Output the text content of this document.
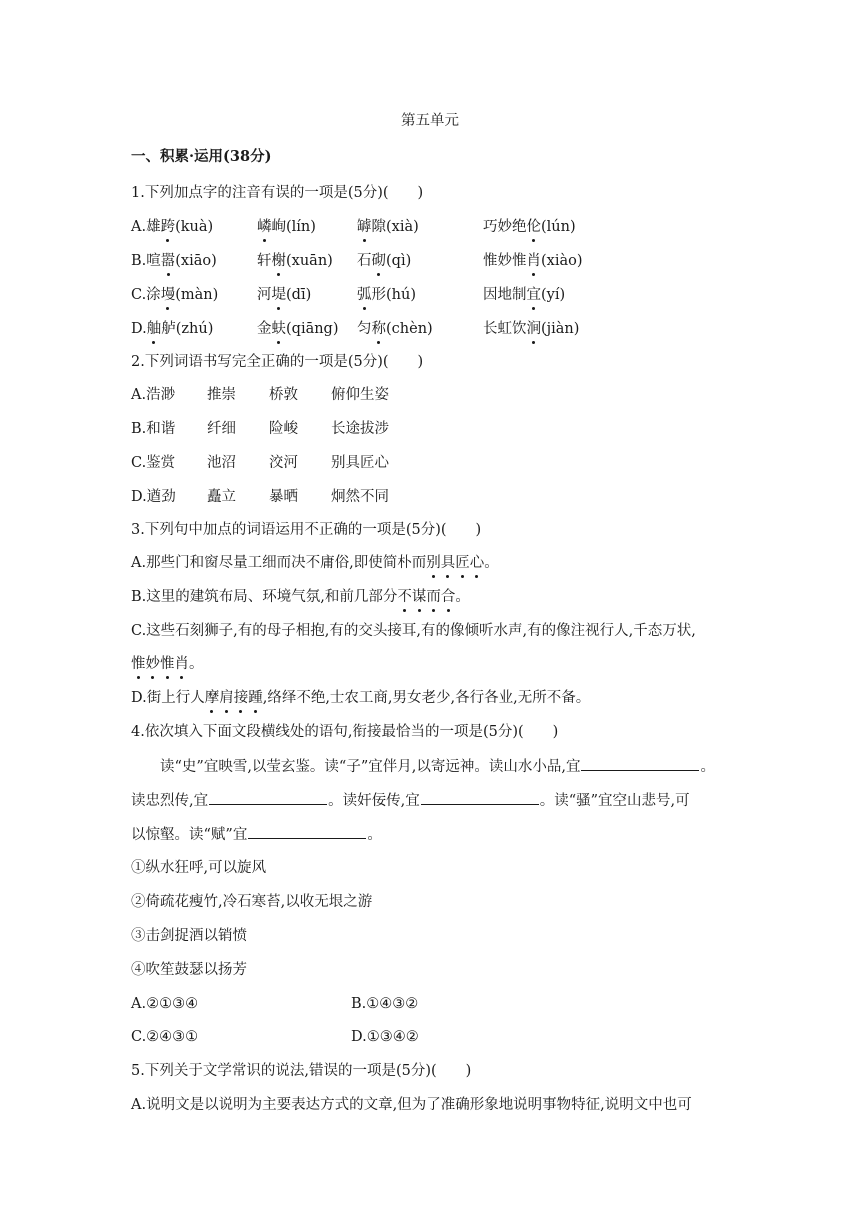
第五单元
一、积累·运用(38分)
1.下列加点字的注音有误的一项是(5分)(　　)
A.雄跨(kuà)	嶙峋(lín)	罅隙(xià)	巧妙绝伦(lún)
B.喧嚣(xiāo)	轩榭(xuān)	石砌(qì)	惟妙惟肖(xiào)
C.涂墁(màn)	河堤(dī)	弧形(hú)	因地制宜(yí)
D.舳舻(zhú)	金蚨(qiāng)	匀称(chèn)	长虹饮涧(jiàn)
2.下列词语书写完全正确的一项是(5分)(　　)
A.浩渺	推崇	桥敦	俯仰生姿
B.和谐	纤细	险峻	长途拔涉
C.鉴赏	池沼	洨河	别具匠心
D.遒劲	矗立	暴晒	炯然不同
3.下列句中加点的词语运用不正确的一项是(5分)(　　)
A.那些门和窗尽量工细而决不庸俗,即使简朴而别具匠心。
B.这里的建筑布局、环境气氛,和前几部分不谋而合。
C.这些石刻狮子,有的母子相抱,有的交头接耳,有的像倾听水声,有的像注视行人,千态万状,
惟妙惟肖。
D.街上行人摩肩接踵,络绎不绝,士农工商,男女老少,各行各业,无所不备。
4.依次填入下面文段横线处的语句,衔接最恰当的一项是(5分)(　　)
读“史”宜映雪,以莹玄鉴。读“子”宜伴月,以寄远神。读山水小品,宜	。
读忠烈传,宜	。读奸佞传,宜	。读“骚”宜空山悲号,可
以惊壑。读“赋”宜	。
①纵水狂呼,可以旋风
②倚疏花瘦竹,冷石寒苔,以收无垠之游
③击剑捉酒以销愤
④吹笙鼓瑟以扬芳
A.②①③④	B.①④③②
C.②④③①	D.①③④②
5.下列关于文学常识的说法,错误的一项是(5分)(　　)
A.说明文是以说明为主要表达方式的文章,但为了准确形象地说明事物特征,说明文中也可
